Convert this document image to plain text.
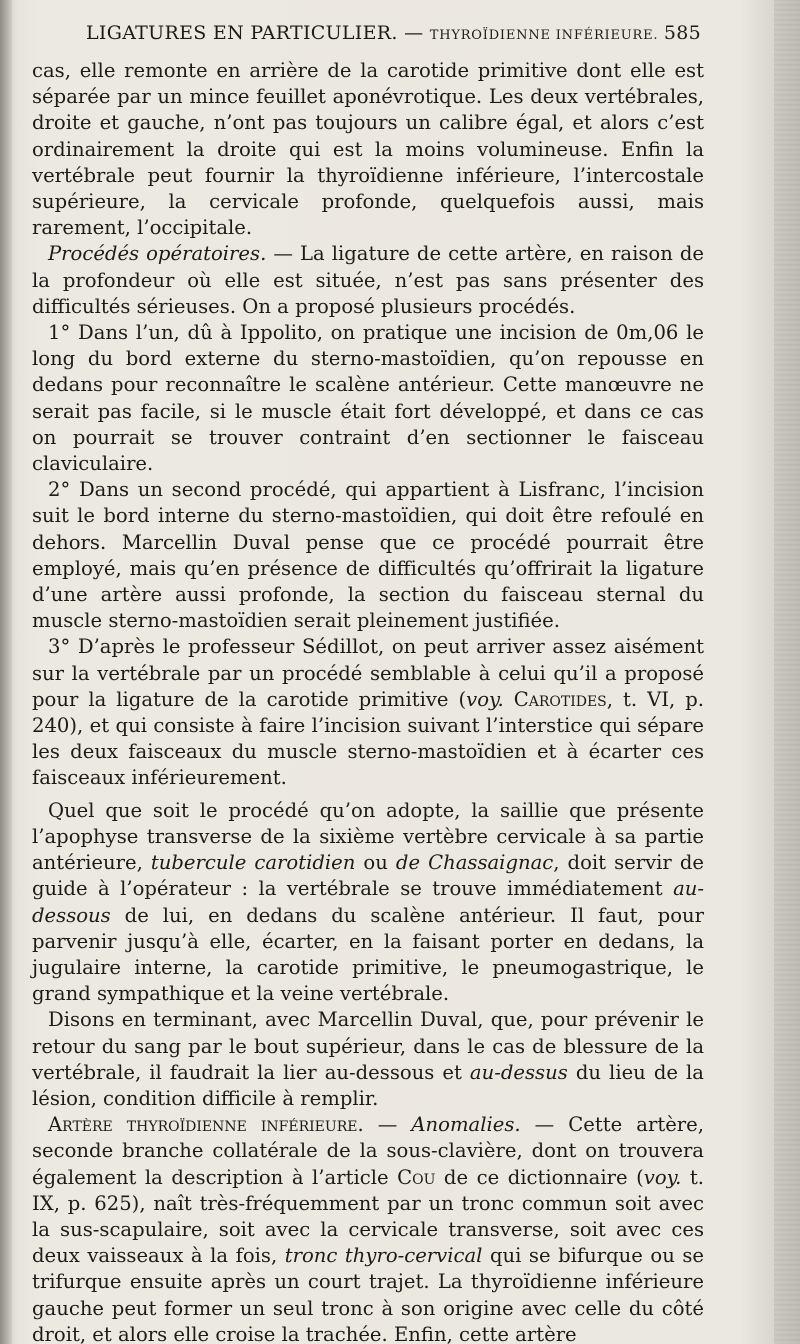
LIGATURES EN PARTICULIER. — THYROÏDIENNE INFÉRIEURE. 585

cas, elle remonte en arrière de la carotide primitive dont elle est séparée par un mince feuillet aponévrotique. Les deux vertébrales, droite et gauche, n’ont pas toujours un calibre égal, et alors c’est ordinairement la droite qui est la moins volumineuse. Enfin la vertébrale peut fournir la thyroïdienne inférieure, l’intercostale supérieure, la cervicale profonde, quelquefois aussi, mais rarement, l’occipitale.

Procédés opératoires. — La ligature de cette artère, en raison de la profondeur où elle est située, n’est pas sans présenter des difficultés sérieuses. On a proposé plusieurs procédés.

1° Dans l’un, dû à Ippolito, on pratique une incision de 0m,06 le long du bord externe du sterno-mastoïdien, qu’on repousse en dedans pour reconnaître le scalène antérieur. Cette manœuvre ne serait pas facile, si le muscle était fort développé, et dans ce cas on pourrait se trouver contraint d’en sectionner le faisceau claviculaire.

2° Dans un second procédé, qui appartient à Lisfranc, l’incision suit le bord interne du sterno-mastoïdien, qui doit être refoulé en dehors. Marcellin Duval pense que ce procédé pourrait être employé, mais qu’en présence de difficultés qu’offrirait la ligature d’une artère aussi profonde, la section du faisceau sternal du muscle sterno-mastoïdien serait pleinement justifiée.

3° D’après le professeur Sédillot, on peut arriver assez aisément sur la vertébrale par un procédé semblable à celui qu’il a proposé pour la ligature de la carotide primitive (voy. Carotides, t. VI, p. 240), et qui consiste à faire l’incision suivant l’interstice qui sépare les deux faisceaux du muscle sterno-mastoïdien et à écarter ces faisceaux inférieurement.

Quel que soit le procédé qu’on adopte, la saillie que présente l’apophyse transverse de la sixième vertèbre cervicale à sa partie antérieure, tubercule carotidien ou de Chassaignac, doit servir de guide à l’opérateur : la vertébrale se trouve immédiatement au-dessous de lui, en dedans du scalène antérieur. Il faut, pour parvenir jusqu’à elle, écarter, en la faisant porter en dedans, la jugulaire interne, la carotide primitive, le pneumogastrique, le grand sympathique et la veine vertébrale.

Disons en terminant, avec Marcellin Duval, que, pour prévenir le retour du sang par le bout supérieur, dans le cas de blessure de la vertébrale, il faudrait la lier au-dessous et au-dessus du lieu de la lésion, condition difficile à remplir.

Artère thyroïdienne inférieure. — Anomalies. — Cette artère, seconde branche collatérale de la sous-clavière, dont on trouvera également la description à l’article Cou de ce dictionnaire (voy. t. IX, p. 625), naît très-fréquemment par un tronc commun soit avec la sus-scapulaire, soit avec la cervicale transverse, soit avec ces deux vaisseaux à la fois, tronc thyro-cervical qui se bifurque ou se trifurque ensuite après un court trajet. La thyroïdienne inférieure gauche peut former un seul tronc à son origine avec celle du côté droit, et alors elle croise la trachée. Enfin, cette artère
